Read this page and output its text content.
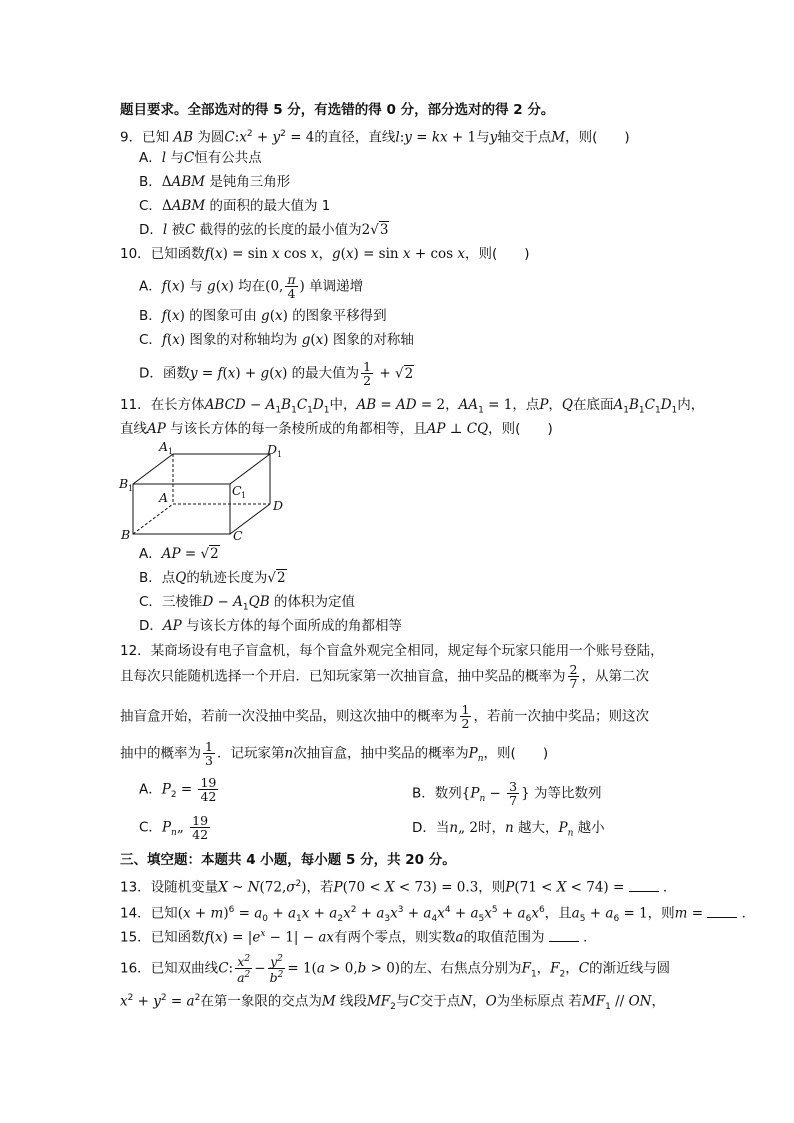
题目要求。全部选对的得 5 分，有选错的得 0 分，部分选对的得 2 分。
9．已知 AB 为圆$C:x^2 + y^2 = 4$的直径，直线l:y = kx + 1与y轴交于点M，则(　　)
A．l 与C恒有公共点
B．ΔABM 是钝角三角形
C．ΔABM 的面积的最大值为 1
D．l 被C 截得的弦的长度的最小值为2√3
10．已知函数f(x) = sin x cos x，g(x) = sin x + cos x，则(　　)
A．f(x) 与 g(x) 均在(0, $\frac{\pi}{4}$ ) 单调递增
B．f(x) 的图象可由 g(x) 的图象平移得到
C．f(x) 图象的对称轴均为 g(x) 图象的对称轴
D．函数y = f(x) + g(x) 的最大值为 $\frac{1}{2} + √2$
11．在长方体ABCD − $A_1B_1C_1D_1$中，AB = AD = 2，$AA_1 = 1$，点P，Q在底面$A_1B_1C_1D_1$内，
直线AP 与该长方体的每一条棱所成的角都相等，且AP ⊥ CQ，则(　　)
A 1	D 1
B 1
A	C 1
D
B	C
A．AP = √2
B．点Q的轨迹长度为√2
C．三棱锥$D - A_1QB$ 的体积为定值
D．AP 与该长方体的每个面所成的角都相等
12．某商场设有电子盲盒机，每个盲盒外观完全相同，规定每个玩家只能用一个账号登陆，
且每次只能随机选择一个开启．已知玩家第一次抽盲盒，抽中奖品的概率为 $\frac{2}{7}$ ，从第二次
抽盲盒开始，若前一次没抽中奖品，则这次抽中的概率为 $\frac{1}{2}$ ，若前一次抽中奖品；则这次
抽中的概率为 $\frac{1}{3}$ ．记玩家第n次抽盲盒，抽中奖品的概率为$P_n$，则(　　)
A．$P_2 = \frac{19}{42}$	B．数列{$P_n - \frac{3}{7}$ } 为等比数列
C．$P_n„ \frac{19}{42}$	D．当n„ 2时，n 越大，$P_n$ 越小
三、填空题：本题共 4 小题，每小题 5 分，共 20 分。
13．设随机变量X ~ $N(72,\sigma^2)$，若P(70 < X < 73) = 0.3，则P(71 < X < 74) =	．
14．已知$(x + m)^6 = a_0 + a_1x + a_2x^2 + a_3x^3 + a_4x^4 + a_5x^5 + a_6x^6$，且$a_5 + a_6 = 1$，则m =	．
15．已知函数$f(x) = |e^x - 1|$ − ax有两个零点，则实数a的取值范围为	．
16．已知双曲线C: $\frac{x^2}{a^2} - \frac{y^2}{b^2} = 1(a > 0,b > 0)$的左、右焦点分别为$F_1$，$F_2$，C的渐近线与圆
$x^2 + y^2 = a^2$在第一象限的交点为M 线段$MF_2$与C交于点N，O为坐标原点 若$MF_1$ // ON，
